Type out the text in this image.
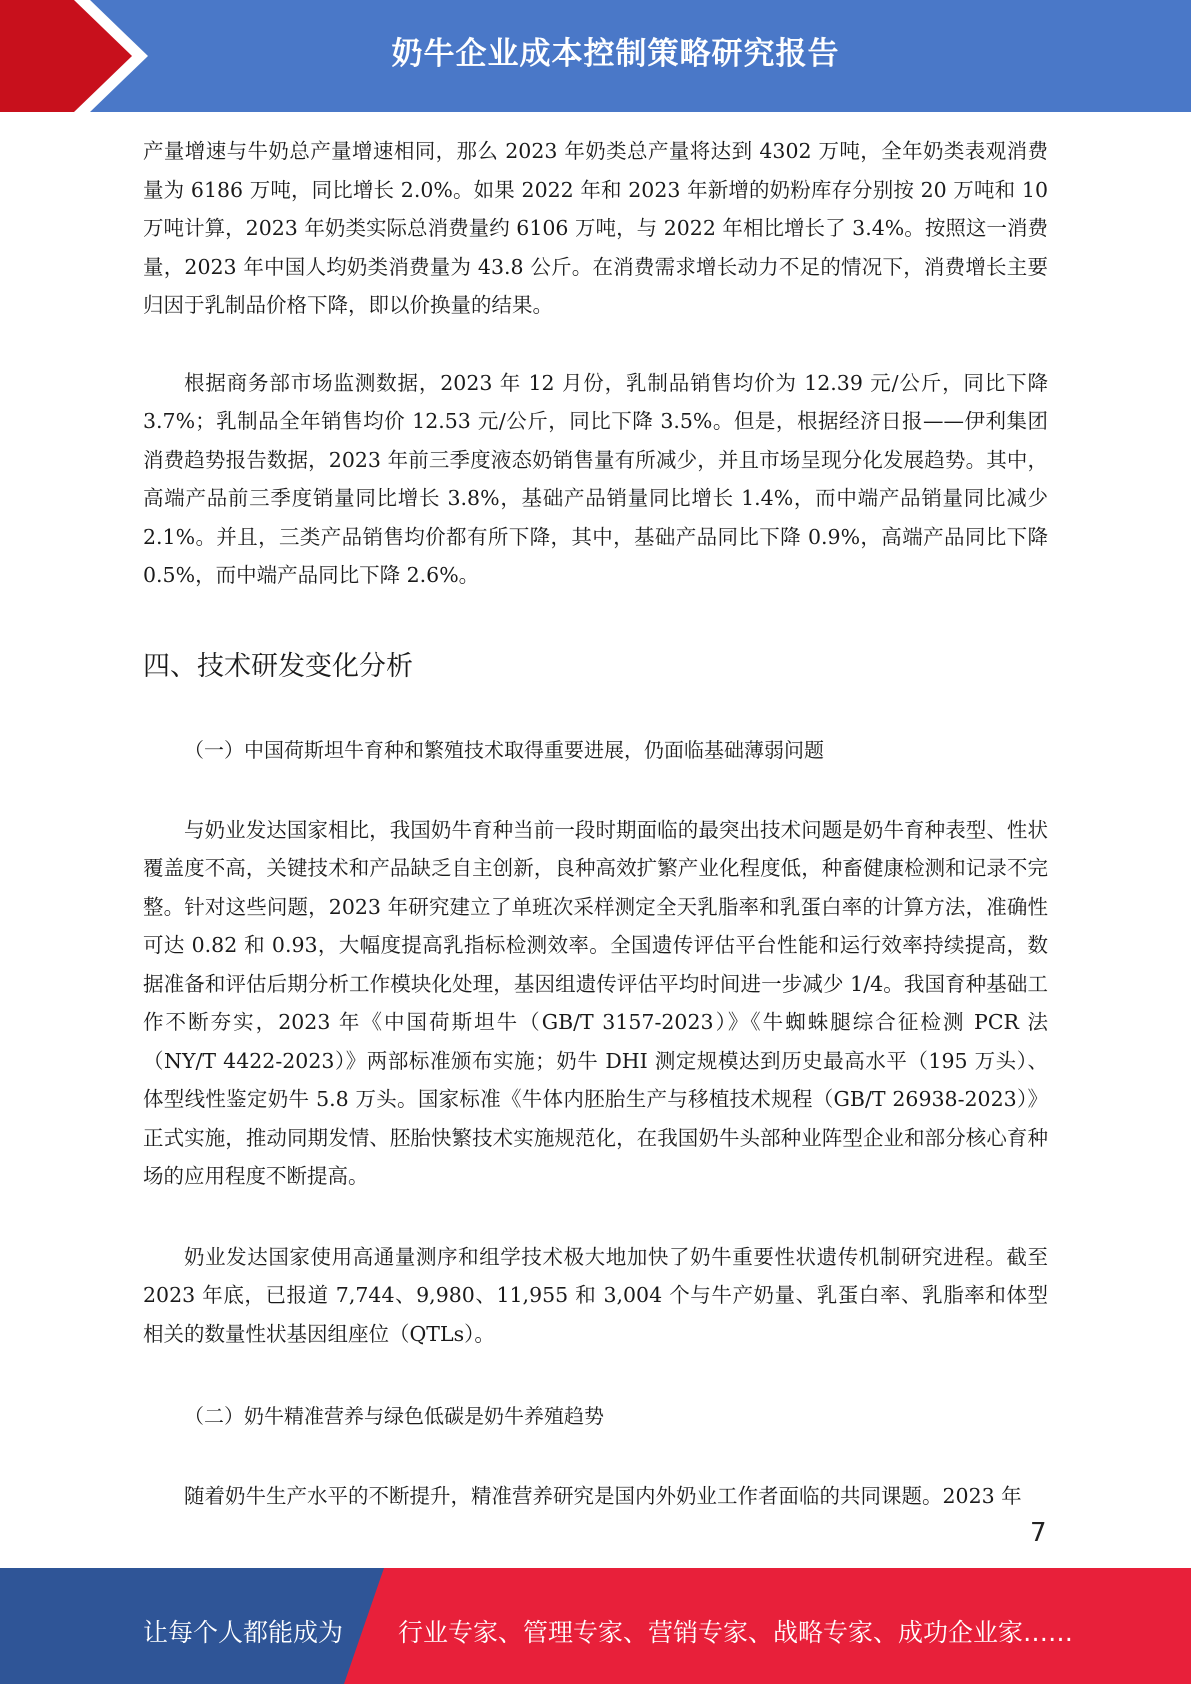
奶牛企业成本控制策略研究报告

产量增速与牛奶总产量增速相同，那么 2023 年奶类总产量将达到 4302 万吨，全年奶类表观消费量为 6186 万吨，同比增长 2.0%。如果 2022 年和 2023 年新增的奶粉库存分别按 20 万吨和 10 万吨计算，2023 年奶类实际总消费量约 6106 万吨，与 2022 年相比增长了 3.4%。按照这一消费量，2023 年中国人均奶类消费量为 43.8 公斤。在消费需求增长动力不足的情况下，消费增长主要归因于乳制品价格下降，即以价换量的结果。

根据商务部市场监测数据，2023 年 12 月份，乳制品销售均价为 12.39 元/公斤，同比下降 3.7%；乳制品全年销售均价 12.53 元/公斤，同比下降 3.5%。但是，根据经济日报——伊利集团消费趋势报告数据，2023 年前三季度液态奶销售量有所减少，并且市场呈现分化发展趋势。其中，高端产品前三季度销量同比增长 3.8%，基础产品销量同比增长 1.4%，而中端产品销量同比减少 2.1%。并且，三类产品销售均价都有所下降，其中，基础产品同比下降 0.9%，高端产品同比下降 0.5%，而中端产品同比下降 2.6%。

四、技术研发变化分析

（一）中国荷斯坦牛育种和繁殖技术取得重要进展，仍面临基础薄弱问题

与奶业发达国家相比，我国奶牛育种当前一段时期面临的最突出技术问题是奶牛育种表型、性状覆盖度不高，关键技术和产品缺乏自主创新，良种高效扩繁产业化程度低，种畜健康检测和记录不完整。针对这些问题，2023 年研究建立了单班次采样测定全天乳脂率和乳蛋白率的计算方法，准确性可达 0.82 和 0.93，大幅度提高乳指标检测效率。全国遗传评估平台性能和运行效率持续提高，数据准备和评估后期分析工作模块化处理，基因组遗传评估平均时间进一步减少 1/4。我国育种基础工作不断夯实，2023 年《中国荷斯坦牛（GB/T 3157-2023）》《牛蜘蛛腿综合征检测 PCR 法（NY/T 4422-2023）》两部标准颁布实施；奶牛 DHI 测定规模达到历史最高水平（195 万头）、体型线性鉴定奶牛 5.8 万头。国家标准《牛体内胚胎生产与移植技术规程（GB/T 26938-2023）》正式实施，推动同期发情、胚胎快繁技术实施规范化，在我国奶牛头部种业阵型企业和部分核心育种场的应用程度不断提高。

奶业发达国家使用高通量测序和组学技术极大地加快了奶牛重要性状遗传机制研究进程。截至 2023 年底，已报道 7,744、9,980、11,955 和 3,004 个与牛产奶量、乳蛋白率、乳脂率和体型相关的数量性状基因组座位（QTLs）。

（二）奶牛精准营养与绿色低碳是奶牛养殖趋势

随着奶牛生产水平的不断提升，精准营养研究是国内外奶业工作者面临的共同课题。2023 年

7
让每个人都能成为 行业专家、管理专家、营销专家、战略专家、成功企业家……
